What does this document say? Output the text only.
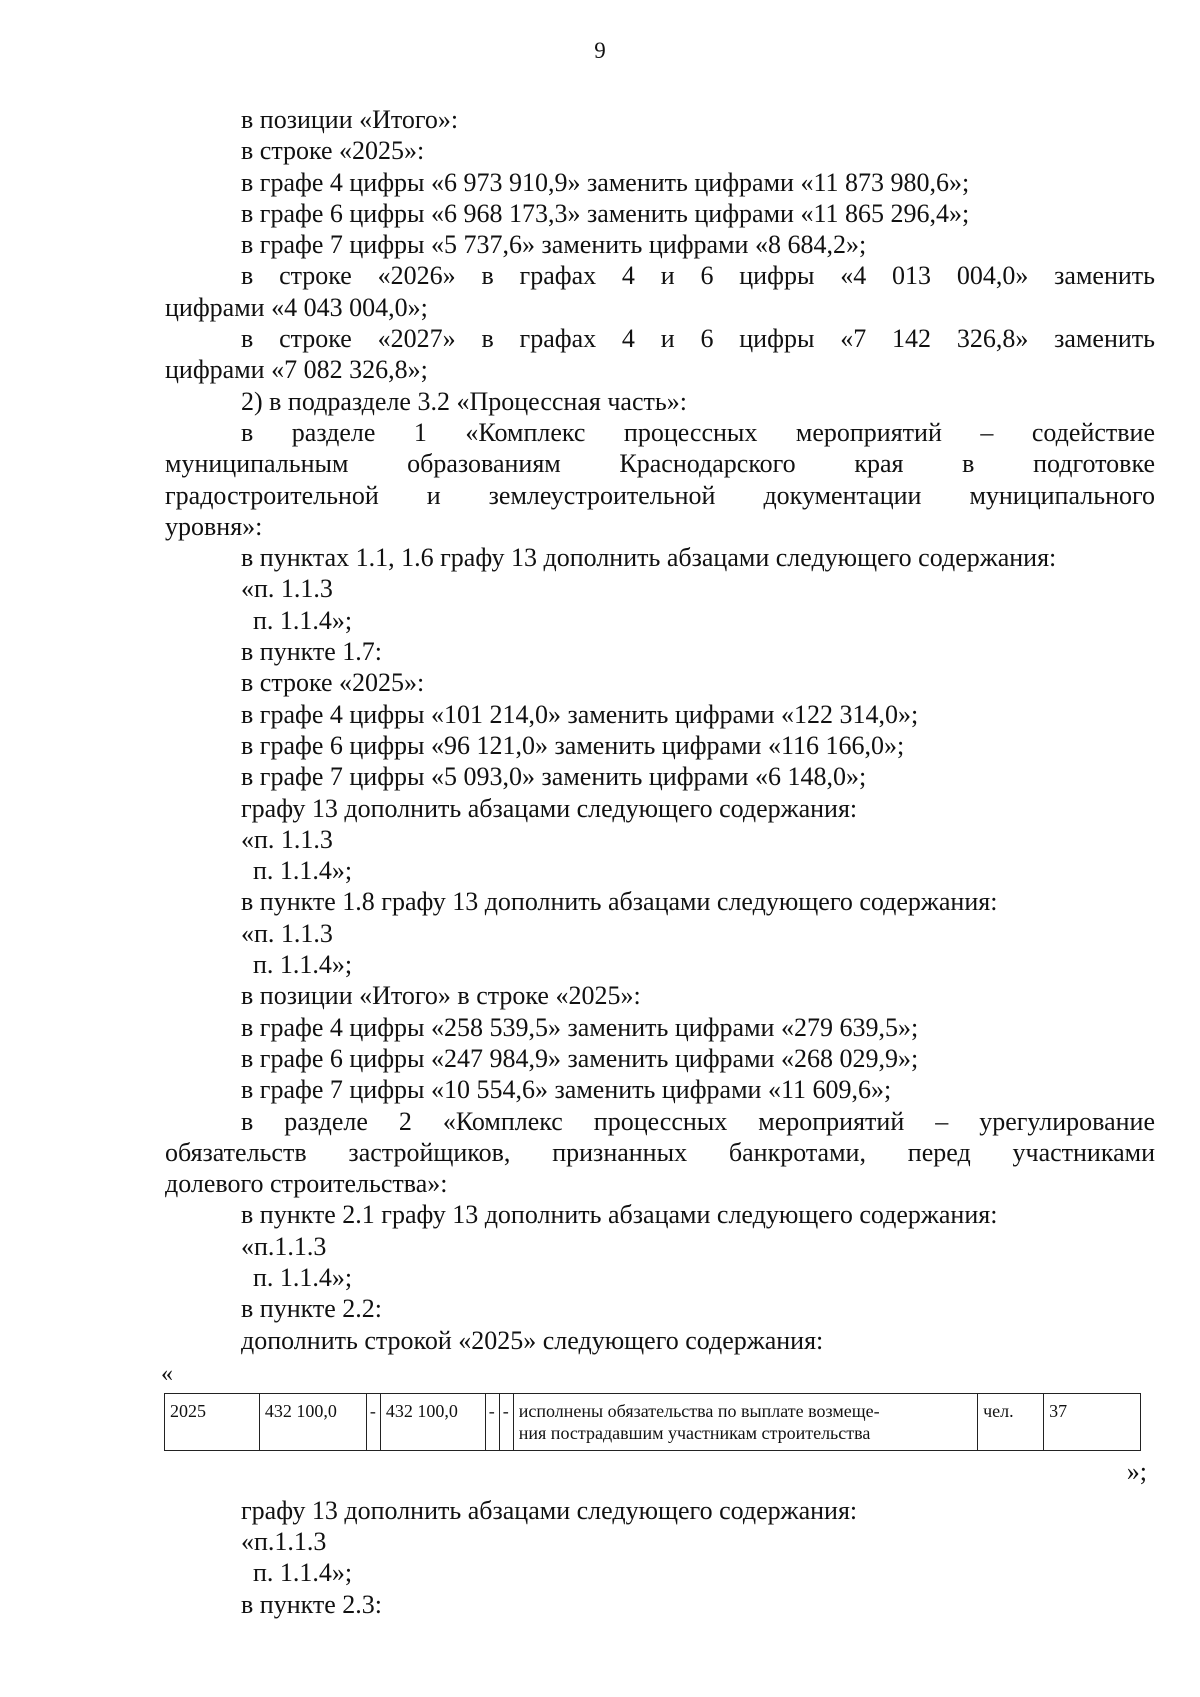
9

в позиции «Итого»:

в строке «2025»:

в графе 4 цифры «6 973 910,9» заменить цифрами «11 873 980,6»;

в графе 6 цифры «6 968 173,3» заменить цифрами «11 865 296,4»;

в графе 7 цифры «5 737,6» заменить цифрами «8 684,2»;

в строке «2026» в графах 4 и 6 цифры «4 013 004,0» заменить

цифрами «4 043 004,0»;

в строке «2027» в графах 4 и 6 цифры «7 142 326,8» заменить

цифрами «7 082 326,8»;

2) в подразделе 3.2 «Процессная часть»:

в разделе 1 «Комплекс процессных мероприятий – содействие

муниципальным образованиям Краснодарского края в подготовке

градостроительной и землеустроительной документации муниципального

уровня»:

в пунктах 1.1, 1.6 графу 13 дополнить абзацами следующего содержания:

«п. 1.1.3

п. 1.1.4»;

в пункте 1.7:

в строке «2025»:

в графе 4 цифры «101 214,0» заменить цифрами «122 314,0»;

в графе 6 цифры «96 121,0» заменить цифрами «116 166,0»;

в графе 7 цифры «5 093,0» заменить цифрами «6 148,0»;

графу 13 дополнить абзацами следующего содержания:

«п. 1.1.3

п. 1.1.4»;

в пункте 1.8 графу 13 дополнить абзацами следующего содержания:

«п. 1.1.3

п. 1.1.4»;

в позиции «Итого» в строке «2025»:

в графе 4 цифры «258 539,5» заменить цифрами «279 639,5»;

в графе 6 цифры «247 984,9» заменить цифрами «268 029,9»;

в графе 7 цифры «10 554,6» заменить цифрами «11 609,6»;

в разделе 2 «Комплекс процессных мероприятий – урегулирование

обязательств застройщиков, признанных банкротами, перед участниками

долевого строительства»:

в пункте 2.1 графу 13 дополнить абзацами следующего содержания:

«п.1.1.3

п. 1.1.4»;

в пункте 2.2:

дополнить строкой «2025» следующего содержания:

«
2025	432 100,0	-	432 100,0	-	-	исполнены обязательства по выплате возмеще-
ния пострадавшим участникам строительства
	чел.	37
»;

графу 13 дополнить абзацами следующего содержания:

«п.1.1.3

п. 1.1.4»;

в пункте 2.3:
